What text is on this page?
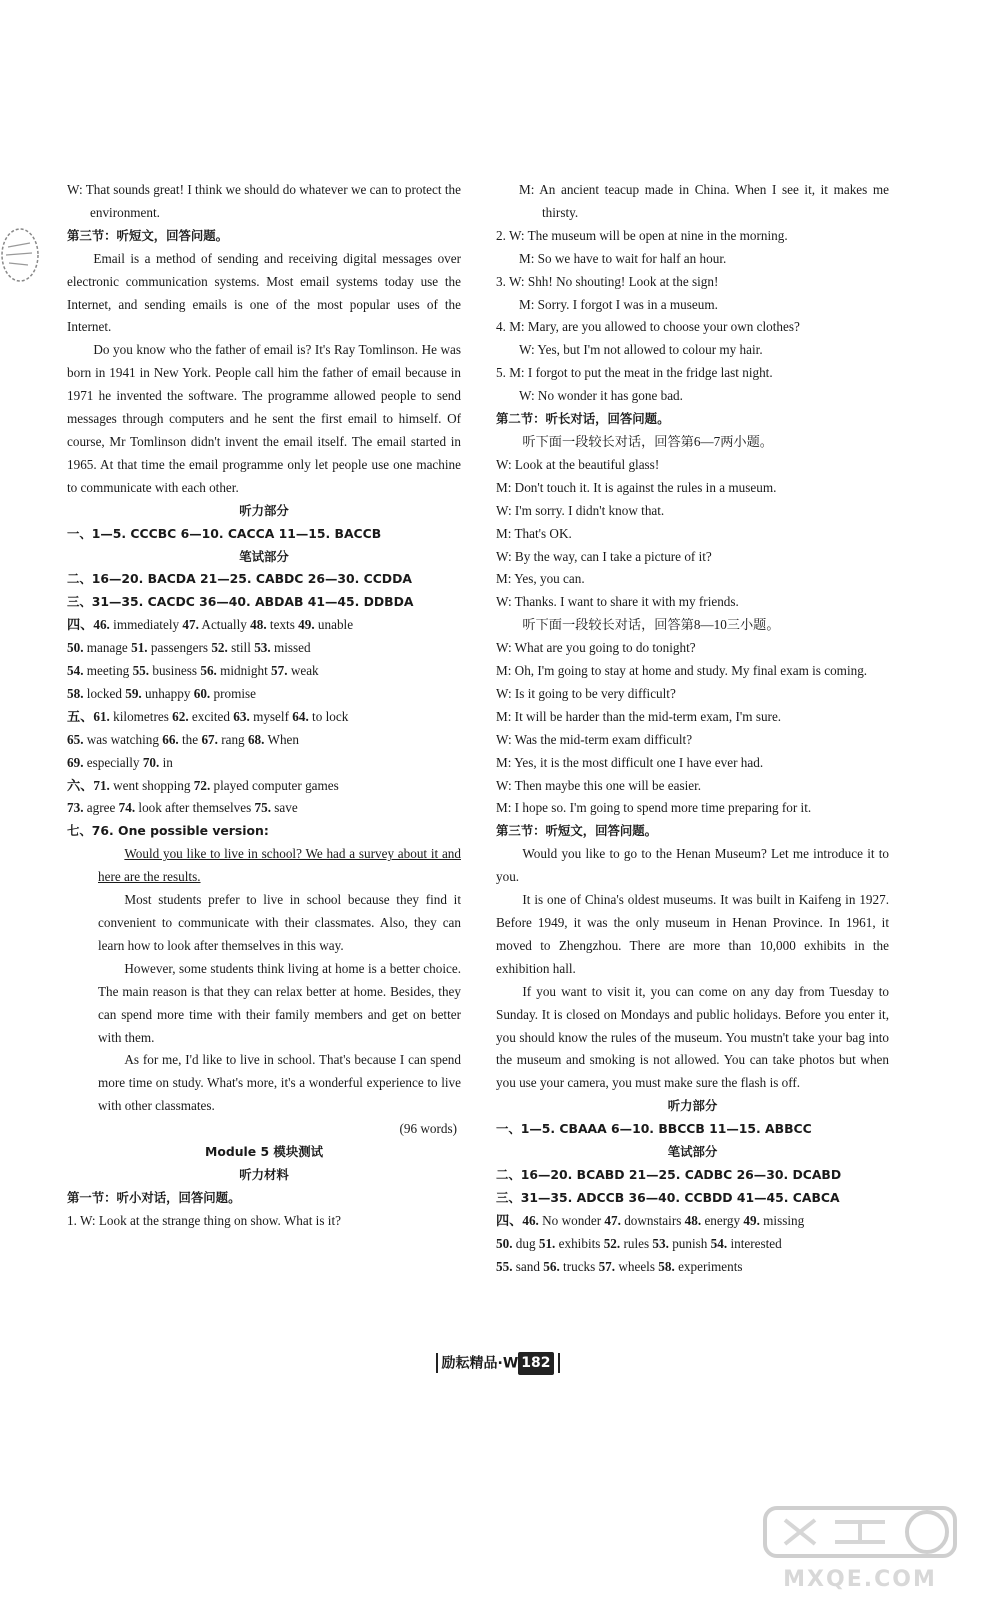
W: That sounds great! I think we should do whatever we can to protect the environment.

第三节：听短文，回答问题。

Email is a method of sending and receiving digital messages over electronic communication systems. Most email systems today use the Internet, and sending emails is one of the most popular uses of the Internet.

Do you know who the father of email is? It's Ray Tomlinson. He was born in 1941 in New York. People call him the father of email because in 1971 he invented the software. The programme allowed people to send messages through computers and he sent the first email to himself. Of course, Mr Tomlinson didn't invent the email itself. The email started in 1965. At that time the email programme only let people use one machine to communicate with each other.

听力部分

一、1—5. CCCBC 6—10. CACCA 11—15. BACCB

笔试部分

二、16—20. BACDA 21—25. CABDC 26—30. CCDDA

三、31—35. CACDC 36—40. ABDAB 41—45. DDBDA

四、46. immediately 47. Actually 48. texts 49. unable

50. manage 51. passengers 52. still 53. missed

54. meeting 55. business 56. midnight 57. weak

58. locked 59. unhappy 60. promise

五、61. kilometres 62. excited 63. myself 64. to lock

65. was watching 66. the 67. rang 68. When

69. especially 70. in

六、71. went shopping 72. played computer games

73. agree 74. look after themselves 75. save

七、76. One possible version:

Would you like to live in school? We had a survey about it and here are the results.

Most students prefer to live in school because they find it convenient to communicate with their classmates. Also, they can learn how to look after themselves in this way.

However, some students think living at home is a better choice. The main reason is that they can relax better at home. Besides, they can spend more time with their family members and get on better with them.

As for me, I'd like to live in school. That's because I can spend more time on study. What's more, it's a wonderful experience to live with other classmates.

(96 words)

Module 5 模块测试

听力材料

第一节：听小对话，回答问题。

1. W: Look at the strange thing on show. What is it?

M: An ancient teacup made in China. When I see it, it makes me thirsty.

2. W: The museum will be open at nine in the morning.

M: So we have to wait for half an hour.

3. W: Shh! No shouting! Look at the sign!

M: Sorry. I forgot I was in a museum.

4. M: Mary, are you allowed to choose your own clothes?

W: Yes, but I'm not allowed to colour my hair.

5. M: I forgot to put the meat in the fridge last night.

W: No wonder it has gone bad.

第二节：听长对话，回答问题。

听下面一段较长对话，回答第6—7两小题。

W: Look at the beautiful glass!

M: Don't touch it. It is against the rules in a museum.

W: I'm sorry. I didn't know that.

M: That's OK.

W: By the way, can I take a picture of it?

M: Yes, you can.

W: Thanks. I want to share it with my friends.

听下面一段较长对话，回答第8—10三小题。

W: What are you going to do tonight?

M: Oh, I'm going to stay at home and study. My final exam is coming.

W: Is it going to be very difficult?

M: It will be harder than the mid-term exam, I'm sure.

W: Was the mid-term exam difficult?

M: Yes, it is the most difficult one I have ever had.

W: Then maybe this one will be easier.

M: I hope so. I'm going to spend more time preparing for it.

第三节：听短文，回答问题。

Would you like to go to the Henan Museum? Let me introduce it to you.

It is one of China's oldest museums. It was built in Kaifeng in 1927. Before 1949, it was the only museum in Henan Province. In 1961, it moved to Zhengzhou. There are more than 10,000 exhibits in the exhibition hall.

If you want to visit it, you can come on any day from Tuesday to Sunday. It is closed on Mondays and public holidays. Before you enter it, you should know the rules of the museum. You mustn't take your bag into the museum and smoking is not allowed. You can take photos but when you use your camera, you must make sure the flash is off.

听力部分

一、1—5. CBAAA 6—10. BBCCB 11—15. ABBCC

笔试部分

二、16—20. BCABD 21—25. CADBC 26—30. DCABD

三、31—35. ADCCB 36—40. CCBDD 41—45. CABCA

四、46. No wonder 47. downstairs 48. energy 49. missing

50. dug 51. exhibits 52. rules 53. punish 54. interested

55. sand 56. trucks 57. wheels 58. experiments

励耘精品·W 182
MXQE.COM
